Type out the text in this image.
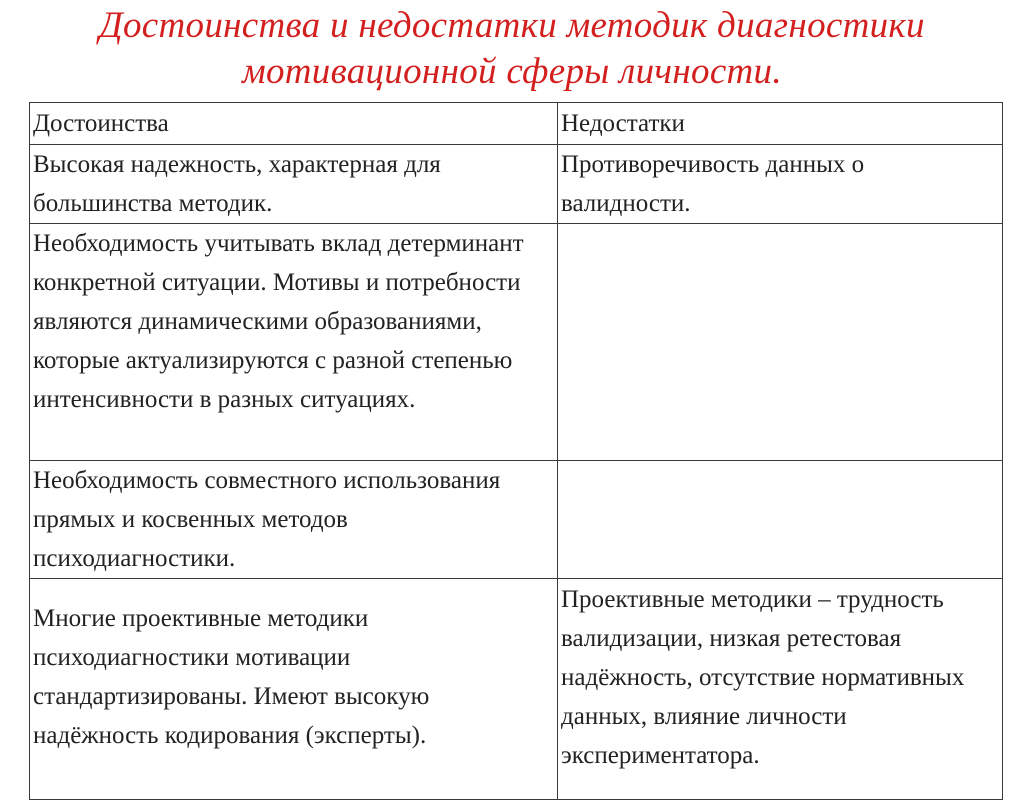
Достоинства и недостатки методик диагностики
мотивационной сферы личности.
Достоинства	Недостатки

Высокая надежность, характерная для большинства методик.	Противоречивость данных о валидности.

Необходимость учитывать вклад детерминант конкретной ситуации. Мотивы и потребности являются динамическими образованиями, которые актуализируются с разной степенью интенсивности в разных ситуациях.	

Необходимость совместного использования прямых и косвенных методов психодиагностики.	

Многие проективные методики психодиагностики мотивации стандартизированы. Имеют высокую надёжность кодирования (эксперты).	Проективные методики – трудность валидизации, низкая ретестовая надёжность, отсутствие нормативных данных, влияние личности экспериментатора.
